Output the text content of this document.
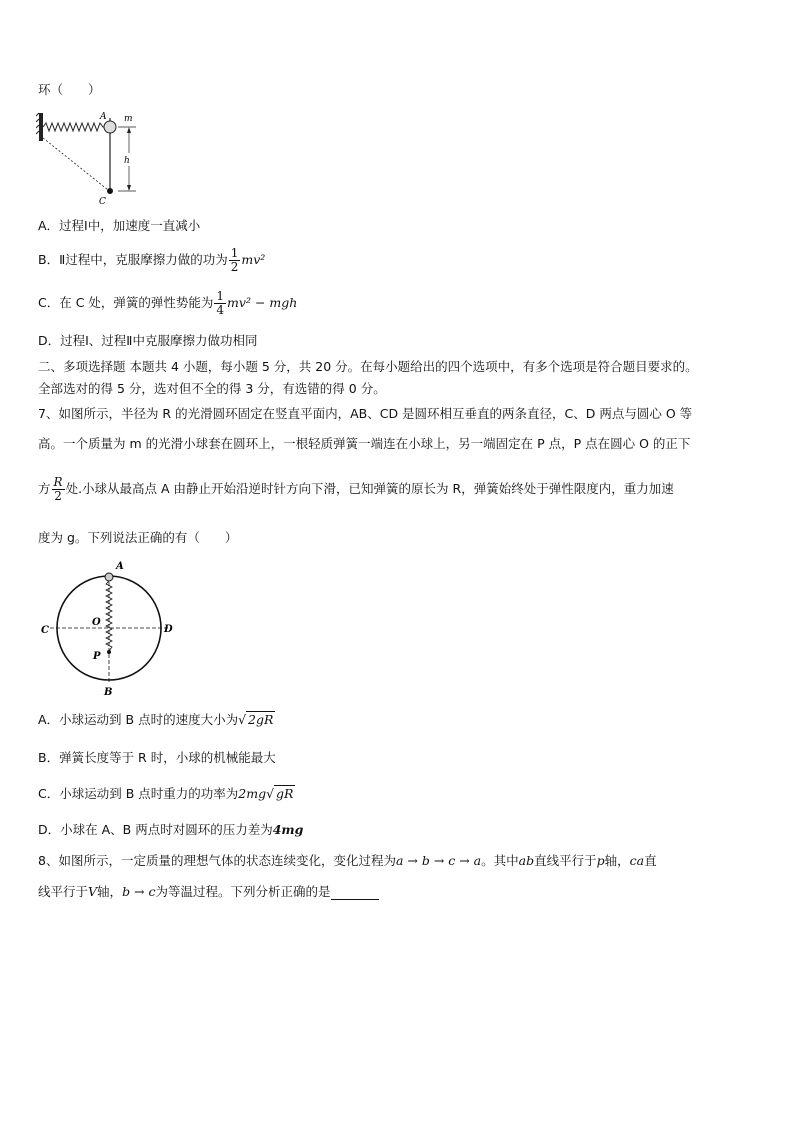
环（　　）
A m
h
C
A．过程Ⅰ中，加速度一直减小
B．Ⅱ过程中，克服摩擦力做的功为 $\frac{1}{2} mv^2$
C．在 C 处，弹簧的弹性势能为 $\frac{1}{4} mv^2$ − mgh
D．过程Ⅰ、过程Ⅱ中克服摩擦力做功相同
二、多项选择题 本题共 4 小题，每小题 5 分，共 20 分。在每小题给出的四个选项中，有多个选项是符合题目要求的。
全部选对的得 5 分，选对但不全的得 3 分，有选错的得 0 分。
7、如图所示，半径为 R 的光滑圆环固定在竖直平面内，AB、CD 是圆环相互垂直的两条直径，C、D 两点与圆心 O 等
高。一个质量为 m 的光滑小球套在圆环上，一根轻质弹簧一端连在小球上，另一端固定在 P 点，P 点在圆心 O 的正下
方 $\frac{R}{2}$ 处.小球从最高点 A 由静止开始沿逆时针方向下滑，已知弹簧的原长为 R，弹簧始终处于弹性限度内，重力加速
度为 g。下列说法正确的有（　　）
A
B
C	D
O
P
A．小球运动到 B 点时的速度大小为√ 2gR
B．弹簧长度等于 R 时，小球的机械能最大
C．小球运动到 B 点时重力的功率为2mg√ gR
D．小球在 A、B 两点时对圆环的压力差为4mg
8、如图所示，一定质量的理想气体的状态连续变化，变化过程为a → b → c → a。其中ab直线平行于p轴，ca直
线平行于V轴，b → c为等温过程。下列分析正确的是
